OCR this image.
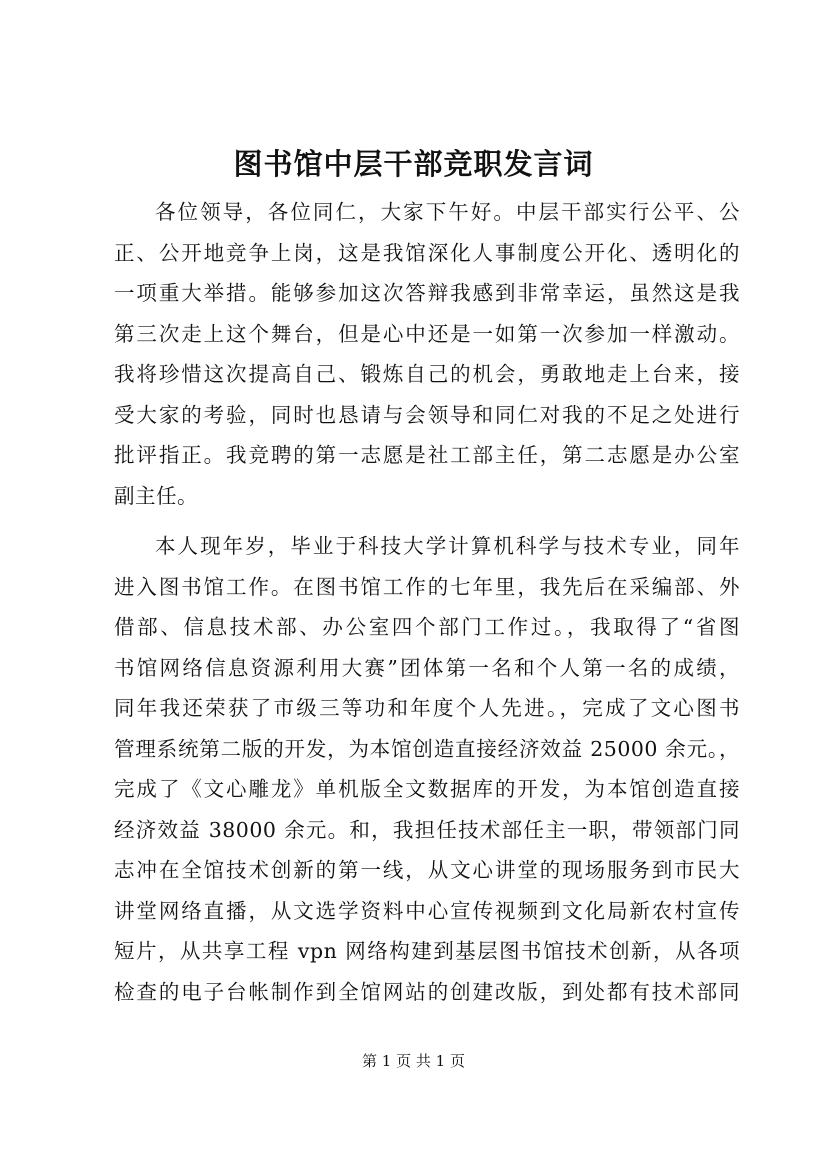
图书馆中层干部竞职发言词
各位领导，各位同仁，大家下午好。中层干部实行公平、公
正、公开地竞争上岗，这是我馆深化人事制度公开化、透明化的
一项重大举措。能够参加这次答辩我感到非常幸运，虽然这是我
第三次走上这个舞台，但是心中还是一如第一次参加一样激动。
我将珍惜这次提高自己、锻炼自己的机会，勇敢地走上台来，接
受大家的考验，同时也恳请与会领导和同仁对我的不足之处进行
批评指正。我竞聘的第一志愿是社工部主任，第二志愿是办公室
副主任。
本人现年岁，毕业于科技大学计算机科学与技术专业，同年
进入图书馆工作。在图书馆工作的七年里，我先后在采编部、外
借部、信息技术部、办公室四个部门工作过。，我取得了“省图
书馆网络信息资源利用大赛”团体第一名和个人第一名的成绩，
同年我还荣获了市级三等功和年度个人先进。，完成了文心图书
管理系统第二版的开发，为本馆创造直接经济效益 25000 余元。，
完成了《文心雕龙》单机版全文数据库的开发，为本馆创造直接
经济效益 38000 余元。和，我担任技术部任主一职，带领部门同
志冲在全馆技术创新的第一线，从文心讲堂的现场服务到市民大
讲堂网络直播，从文选学资料中心宣传视频到文化局新农村宣传
短片，从共享工程 vpn 网络构建到基层图书馆技术创新，从各项
检查的电子台帐制作到全馆网站的创建改版，到处都有技术部同
第 1 页 共 1 页
